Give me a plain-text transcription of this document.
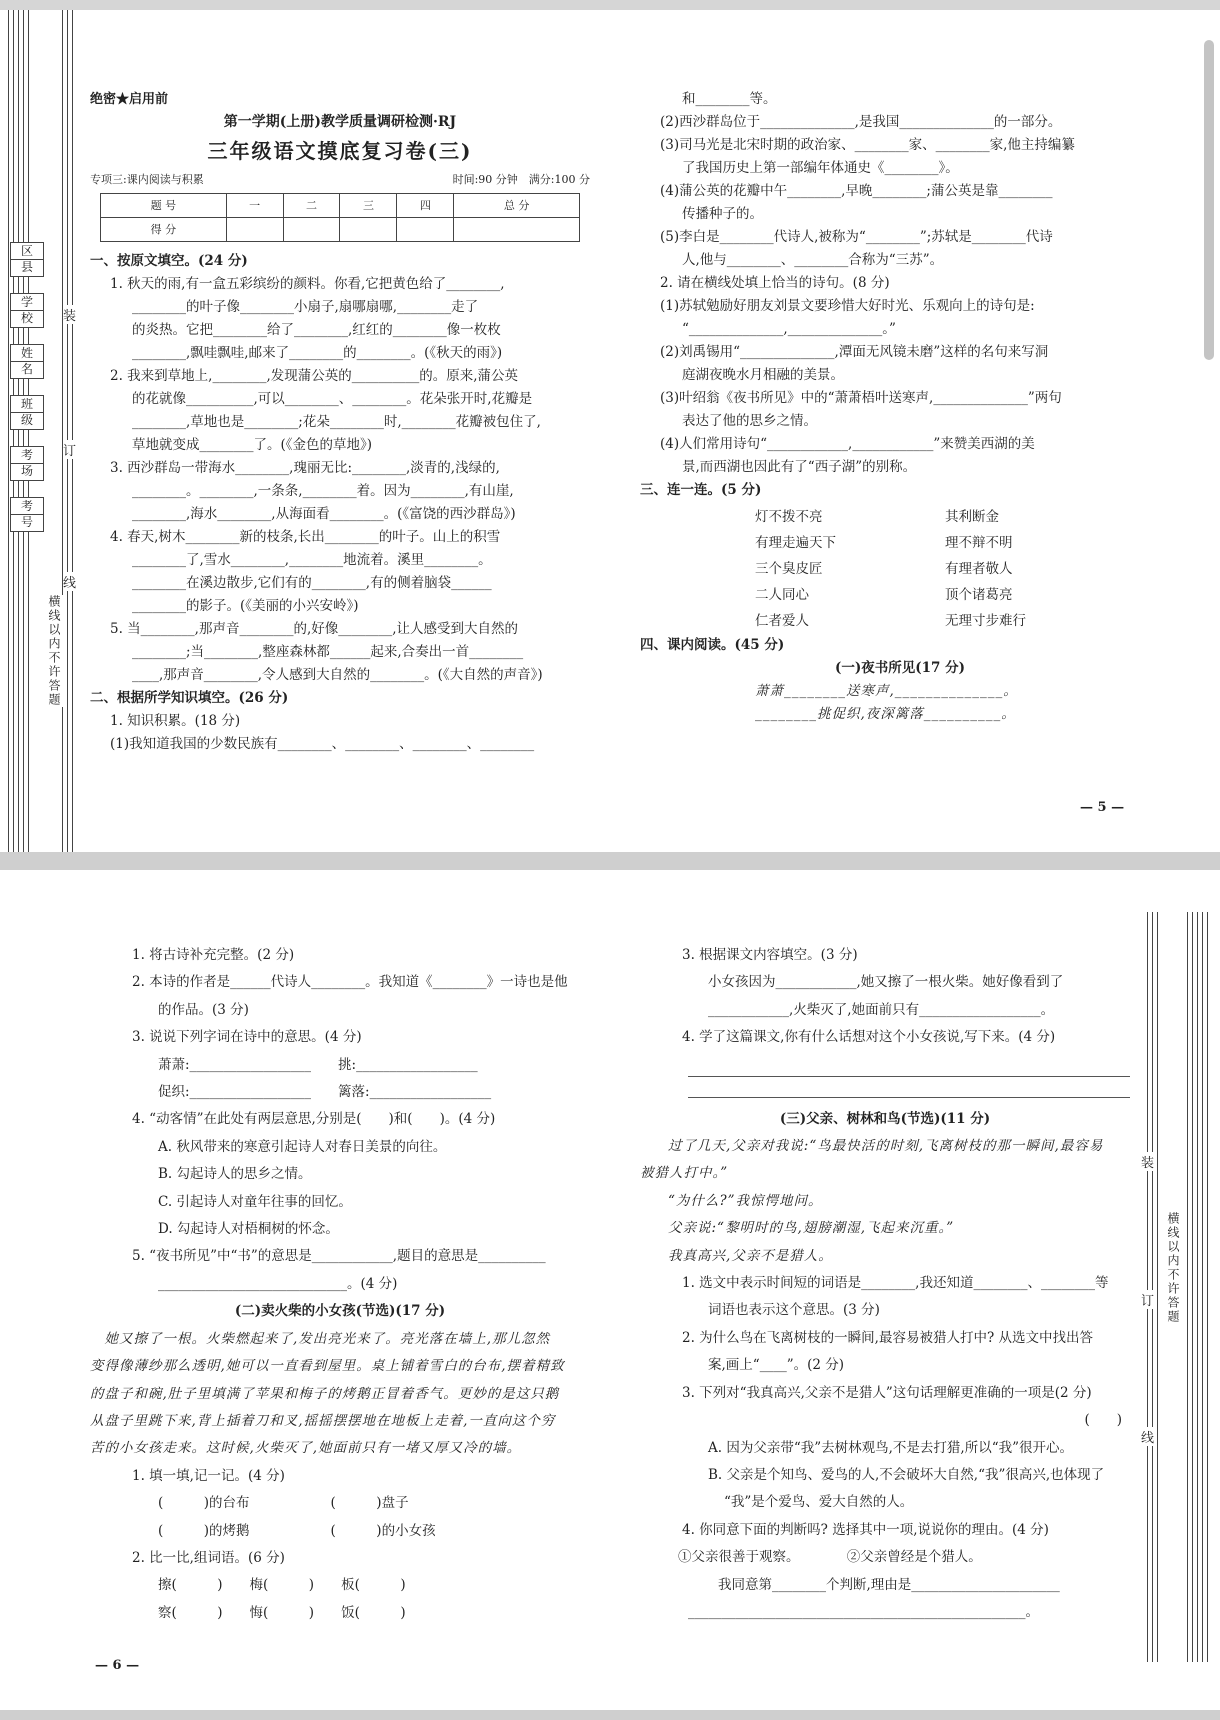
区　县
学　校
姓　名
班　级
考　场
考　号
装
订
线
横线以内不许答题
绝密★启用前
第一学期(上册)教学质量调研检测·RJ
三年级语文摸底复习卷(三)
专项三:课内阅读与积累	时间:90 分钟　满分:100 分
题 号	一	二	三	四	总 分
得 分					

一、按原文填空。(24 分)

1. 秋天的雨,有一盒五彩缤纷的颜料。你看,它把黄色给了________,

________的叶子像________小扇子,扇哪扇哪,________走了

的炎热。它把________给了________,红红的________像一枚枚

________,飘哇飘哇,邮来了________的________。(《秋天的雨》)

2. 我来到草地上,________,发现蒲公英的__________的。原来,蒲公英

的花就像__________,可以________、________。花朵张开时,花瓣是

________,草地也是________;花朵________时,________花瓣被包住了,

草地就变成________了。(《金色的草地》)

3. 西沙群岛一带海水________,瑰丽无比:________,淡青的,浅绿的,

________。________,一条条,________着。因为________,有山崖,

________,海水________,从海面看________。(《富饶的西沙群岛》)

4. 春天,树木________新的枝条,长出________的叶子。山上的积雪

________了,雪水________,________地流着。溪里________。

________在溪边散步,它们有的________,有的侧着脑袋______

________的影子。(《美丽的小兴安岭》)

5. 当________,那声音________的,好像________,让人感受到大自然的

________;当________,整座森林都______起来,合奏出一首________

____,那声音________,令人感到大自然的________。(《大自然的声音》)

二、根据所学知识填空。(26 分)

1. 知识积累。(18 分)

(1)我知道我国的少数民族有________、________、________、________

和________等。

(2)西沙群岛位于______________,是我国______________的一部分。

(3)司马光是北宋时期的政治家、________家、________家,他主持编纂

了我国历史上第一部编年体通史《________》。

(4)蒲公英的花瓣中午________,早晚________;蒲公英是靠________

传播种子的。

(5)李白是________代诗人,被称为“________”;苏轼是________代诗

人,他与________、________合称为“三苏”。

2. 请在横线处填上恰当的诗句。(8 分)

(1)苏轼勉励好朋友刘景文要珍惜大好时光、乐观向上的诗句是:

“______________,______________。”

(2)刘禹锡用“______________,潭面无风镜未磨”这样的名句来写洞

庭湖夜晚水月相融的美景。

(3)叶绍翁《夜书所见》中的“萧萧梧叶送寒声,______________”两句

表达了他的思乡之情。

(4)人们常用诗句“____________,____________”来赞美西湖的美

景,而西湖也因此有了“西子湖”的别称。

三、连一连。(5 分)

灯不拨不亮
有理走遍天下
三个臭皮匠
二人同心
仁者爱人
其利断金
理不辩不明
有理者敬人
顶个诸葛亮
无理寸步难行

四、课内阅读。(45 分)

(一)夜书所见(17 分)

萧萧________送寒声,______________。

________挑促织,夜深篱落__________。

— 5 —

1. 将古诗补充完整。(2 分)

2. 本诗的作者是______代诗人________。我知道《________》一诗也是他

的作品。(3 分)

3. 说说下列字词在诗中的意思。(4 分)

萧萧:__________________　　挑:__________________

促织:__________________　　篱落:__________________

4. “动客情”在此处有两层意思,分别是(　　)和(　　)。(4 分)

A. 秋风带来的寒意引起诗人对春日美景的向往。

B. 勾起诗人的思乡之情。

C. 引起诗人对童年往事的回忆。

D. 勾起诗人对梧桐树的怀念。

5. “夜书所见”中“书”的意思是____________,题目的意思是__________

____________________________。(4 分)

(二)卖火柴的小女孩(节选)(17 分)

　她又擦了一根。火柴燃起来了,发出亮光来了。亮光落在墙上,那儿忽然

变得像薄纱那么透明,她可以一直看到屋里。桌上铺着雪白的台布,摆着精致

的盘子和碗,肚子里填满了苹果和梅子的烤鹅正冒着香气。更妙的是这只鹅

从盘子里跳下来,背上插着刀和叉,摇摇摆摆地在地板上走着,一直向这个穷

苦的小女孩走来。这时候,火柴灭了,她面前只有一堵又厚又冷的墙。

1. 填一填,记一记。(4 分)

(　　　)的台布　　　　　　(　　　)盘子

(　　　)的烤鹅　　　　　　(　　　)的小女孩

2. 比一比,组词语。(6 分)

擦(　　　)　　梅(　　　)　　板(　　　)

察(　　　)　　悔(　　　)　　饭(　　　)

3. 根据课文内容填空。(3 分)

小女孩因为____________,她又擦了一根火柴。她好像看到了

____________,火柴灭了,她面前只有__________________。

4. 学了这篇课文,你有什么话想对这个小女孩说,写下来。(4 分)

(三)父亲、树林和鸟(节选)(11 分)

过了几天,父亲对我说:“鸟最快活的时刻,飞离树枝的那一瞬间,最容易

被猎人打中。”

“为什么?”我惊愕地问。

父亲说:“黎明时的鸟,翅膀潮湿,飞起来沉重。”

我真高兴,父亲不是猎人。

1. 选文中表示时间短的词语是________,我还知道________、________等

词语也表示这个意思。(3 分)

2. 为什么鸟在飞离树枝的一瞬间,最容易被猎人打中? 从选文中找出答

案,画上“____”。(2 分)

3. 下列对“我真高兴,父亲不是猎人”这句话理解更准确的一项是(2 分)

(　　)

A. 因为父亲带“我”去树林观鸟,不是去打猎,所以“我”很开心。

B. 父亲是个知鸟、爱鸟的人,不会破坏大自然,“我”很高兴,也体现了

“我”是个爱鸟、爱大自然的人。

4. 你同意下面的判断吗? 选择其中一项,说说你的理由。(4 分)

①父亲很善于观察。　　　　②父亲曾经是个猎人。

我同意第________个判断,理由是______________________

__________________________________________________。

装
订
线
横线以内不许答题
— 6 —
